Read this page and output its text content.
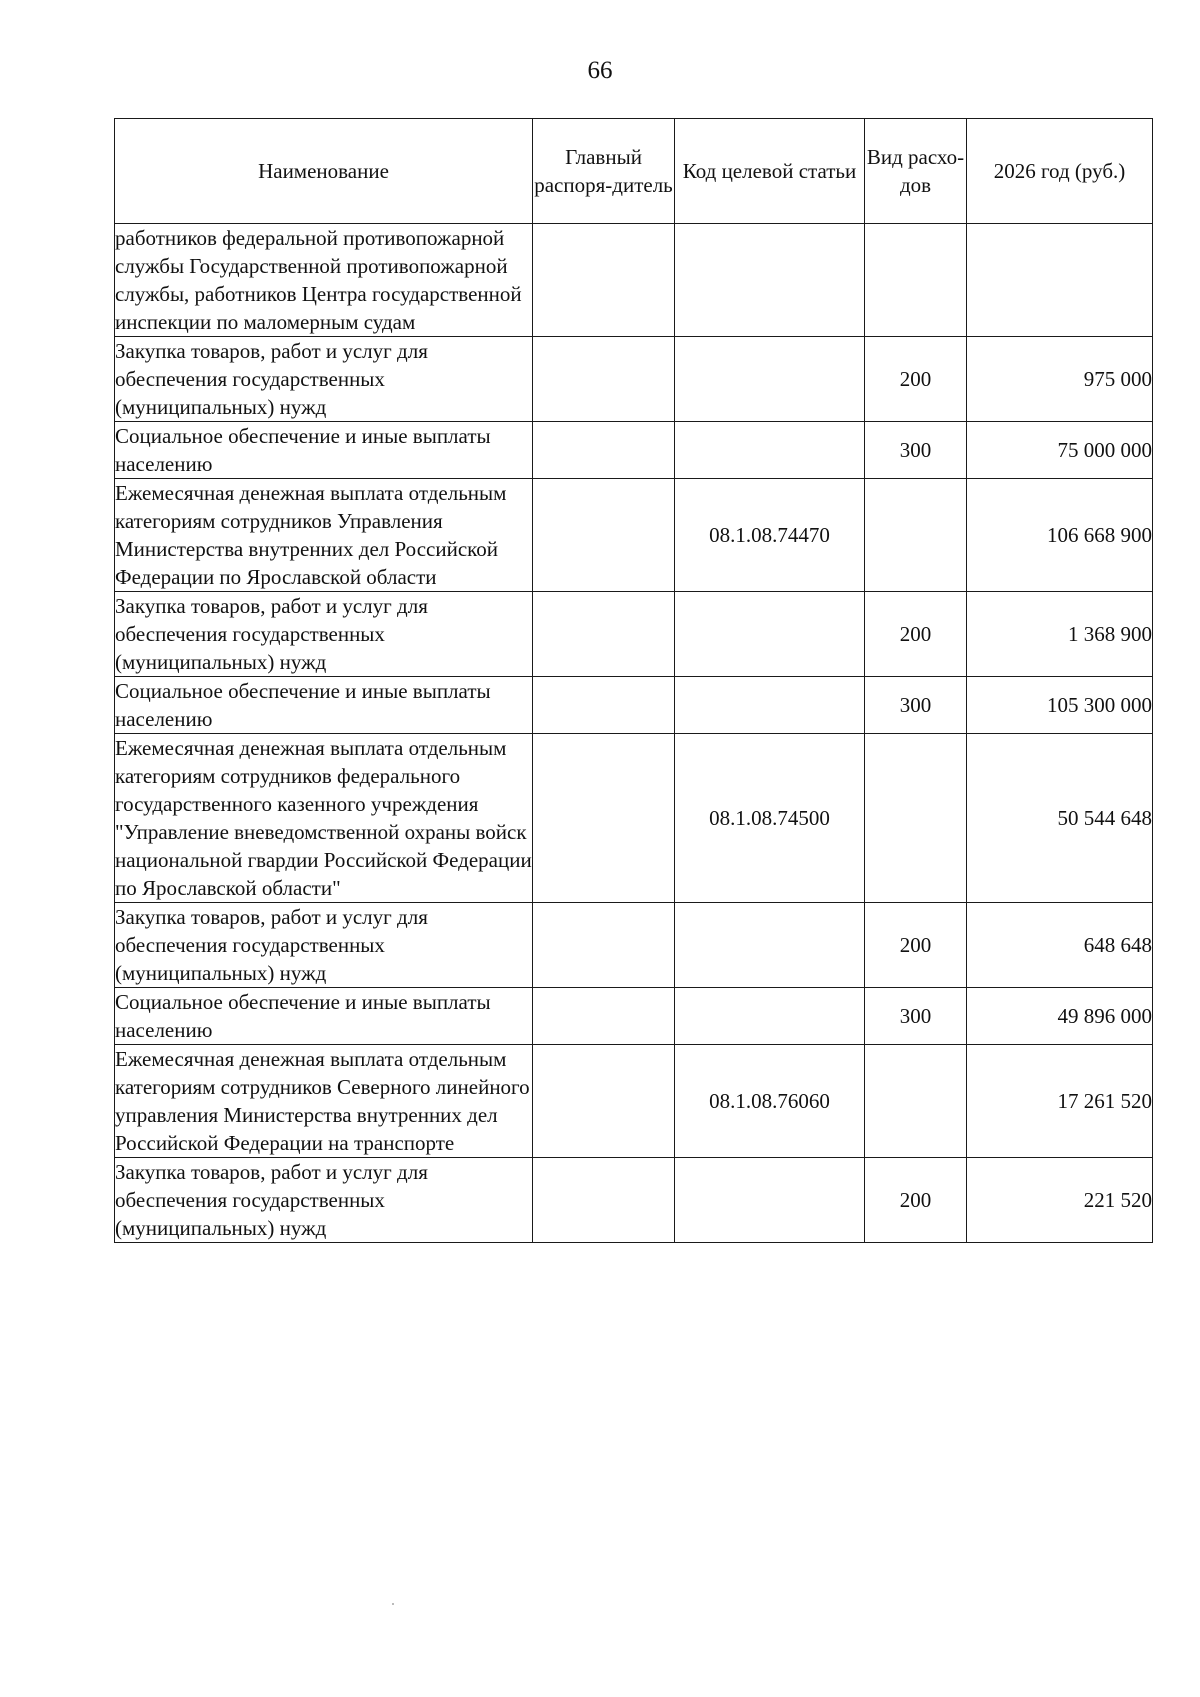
66
Наименование	Главный распоря-дитель	Код целевой статьи	Вид расхо-дов	2026 год (руб.)
работников федеральной противопожарной службы Государственной противопожарной службы, работников Центра государственной инспекции по маломерным судам				
Закупка товаров, работ и услуг для обеспечения государственных (муниципальных) нужд			200	975 000
Социальное обеспечение и иные выплаты населению			300	75 000 000
Ежемесячная денежная выплата отдельным категориям сотрудников Управления Министерства внутренних дел Российской Федерации по Ярославской области		08.1.08.74470		106 668 900
Закупка товаров, работ и услуг для обеспечения государственных (муниципальных) нужд			200	1 368 900
Социальное обеспечение и иные выплаты населению			300	105 300 000
Ежемесячная денежная выплата отдельным категориям сотрудников федерального государственного казенного учреждения "Управление вневедомственной охраны войск национальной гвардии Российской Федерации по Ярославской области"		08.1.08.74500		50 544 648
Закупка товаров, работ и услуг для обеспечения государственных (муниципальных) нужд			200	648 648
Социальное обеспечение и иные выплаты населению			300	49 896 000
Ежемесячная денежная выплата отдельным категориям сотрудников Северного линейного управления Министерства внутренних дел Российской Федерации на транспорте		08.1.08.76060		17 261 520
Закупка товаров, работ и услуг для обеспечения государственных (муниципальных) нужд			200	221 520
